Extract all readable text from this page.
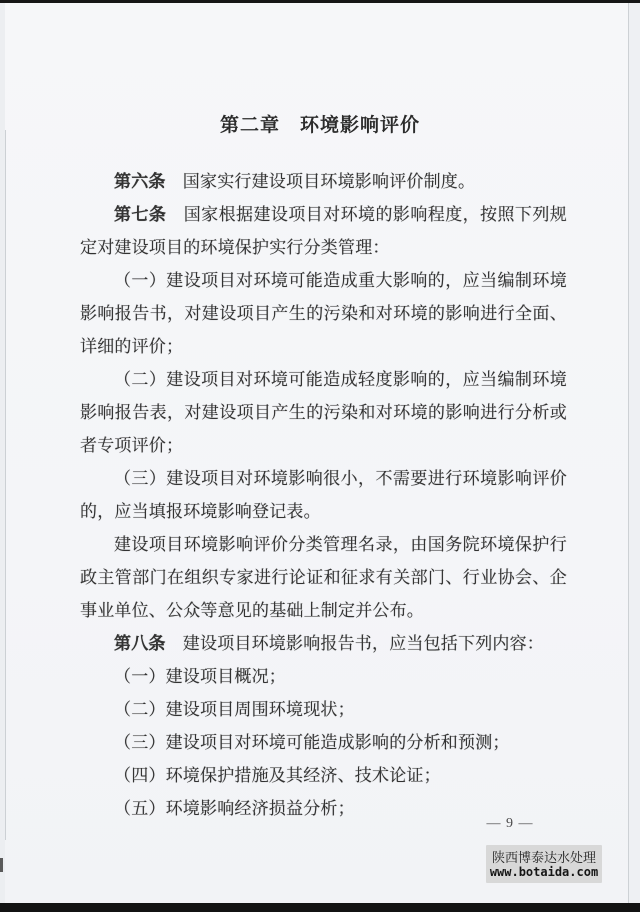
第二章　环境影响评价
第六条　国家实行建设项目环境影响评价制度。
第七条　国家根据建设项目对环境的影响程度，按照下列规
定对建设项目的环境保护实行分类管理：
（一）建设项目对环境可能造成重大影响的，应当编制环境
影响报告书，对建设项目产生的污染和对环境的影响进行全面、
详细的评价；
（二）建设项目对环境可能造成轻度影响的，应当编制环境
影响报告表，对建设项目产生的污染和对环境的影响进行分析或
者专项评价；
（三）建设项目对环境影响很小，不需要进行环境影响评价
的，应当填报环境影响登记表。
建设项目环境影响评价分类管理名录，由国务院环境保护行
政主管部门在组织专家进行论证和征求有关部门、行业协会、企
事业单位、公众等意见的基础上制定并公布。
第八条　建设项目环境影响报告书，应当包括下列内容：
（一）建设项目概况；
（二）建设项目周围环境现状；
（三）建设项目对环境可能造成影响的分析和预测；
（四）环境保护措施及其经济、技术论证；
（五）环境影响经济损益分析；
— 9 —
陕西博泰达水处理
www.botaida.com
